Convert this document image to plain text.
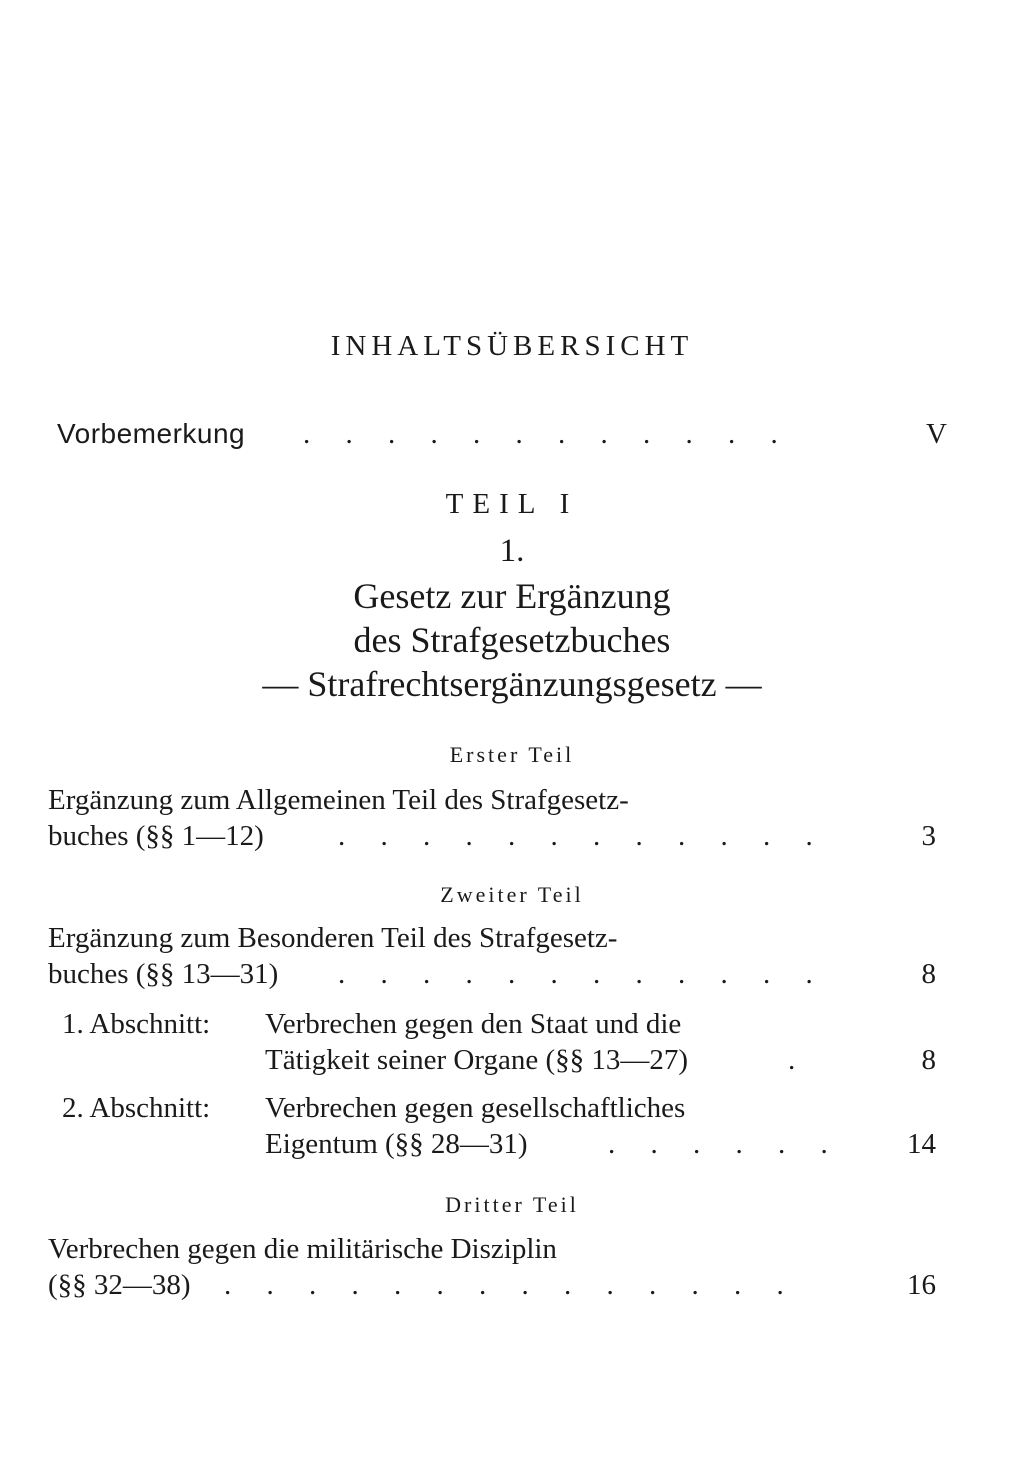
INHALTSÜBERSICHT
Vorbemerkung . . . . . . . . . . . .	V
TEIL I
1.
Gesetz zur Ergänzung
des Strafgesetzbuches
— Strafrechtsergänzungsgesetz —
Erster Teil
Ergänzung zum Allgemeinen Teil des Strafgesetz-
buches (§§ 1—12)	. . . . . . . . . . . .	3
Zweiter Teil
Ergänzung zum Besonderen Teil des Strafgesetz-
buches (§§ 13—31) . . . . . . . . . . . .	8
1. Abschnitt: Verbrechen gegen den Staat und die
Tätigkeit seiner Organe (§§ 13—27)	.	8
2. Abschnitt: Verbrechen gegen gesellschaftliches
Eigentum (§§ 28—31)	. . . . . .	14
Dritter Teil
Verbrechen gegen die militärische Disziplin
(§§ 32—38) . . . . . . . . . . . . . .	16
